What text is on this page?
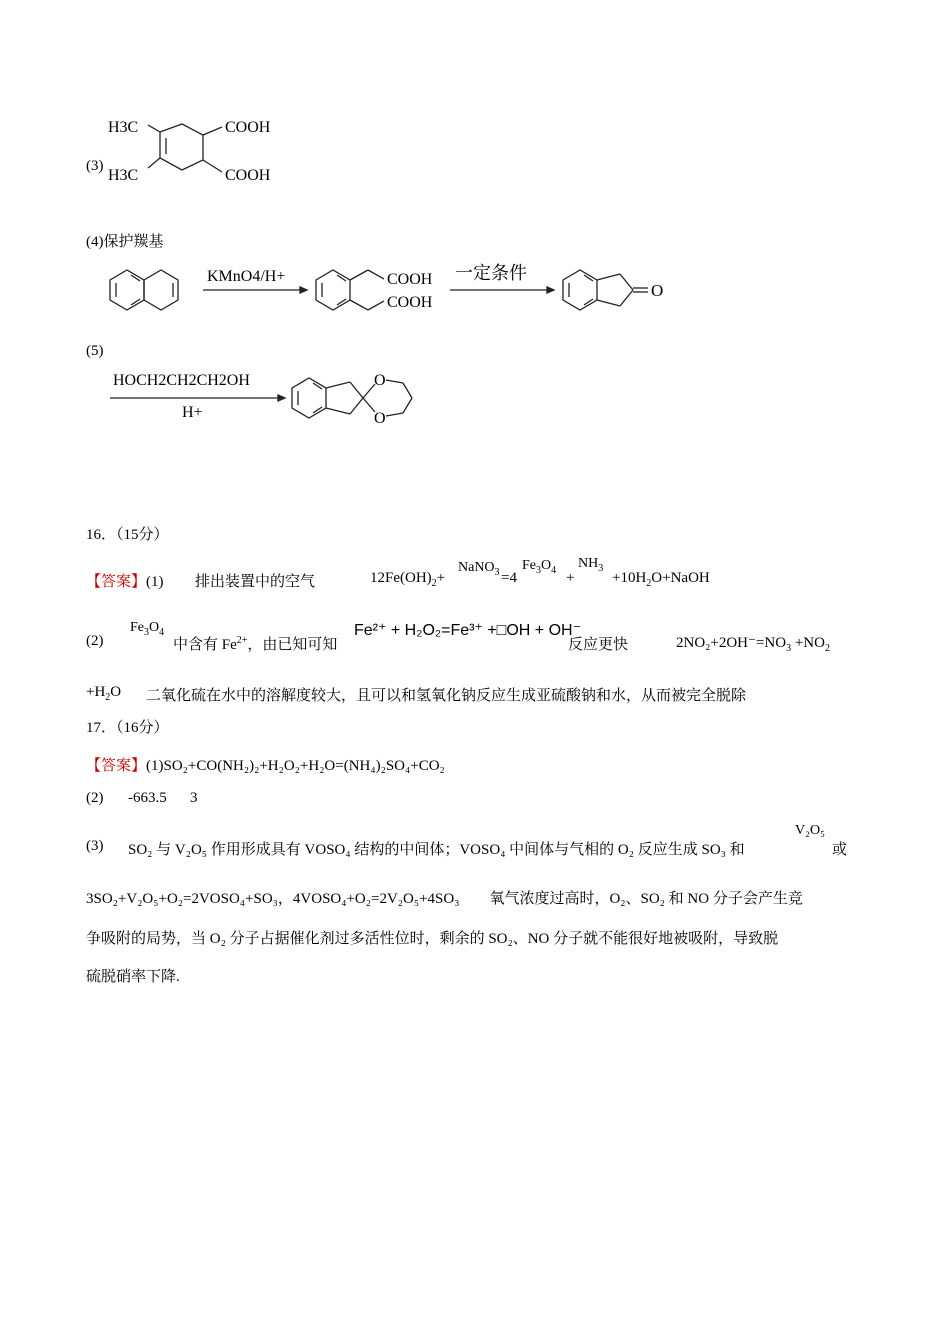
H3C
H3C
COOH
COOH
(3)
(4)保护羰基
KMnO4/H+	COOH
COOH
一定条件
O
(5)
HOCH2CH2CH2OH
H+
O
O
16．（15分）
【答案】(1) 排出装置中的空气	$12Fe(OH)_2+$
NaNO$_3$ =4
$Fe_3O_4$ +
$NH_3$
$+10H_2O+NaOH$
(2)
$Fe_3O_4$
中含有 $Fe^{2+}$，由已知可知
Fe²⁺ + H₂O₂=Fe³⁺ +□OH + OH⁻
反应更快	$2NO_2+2OH^-=NO_3 +NO_2$
$+H_2O$ 二氧化硫在水中的溶解度较大，且可以和氢氧化钠反应生成亚硫酸钠和水，从而被完全脱除
17．（16分）
【答案】(1)SO₂+CO(NH₂)₂+H₂O₂+H₂O=(NH₄)₂SO₄+CO₂
(2) -663.5 3
(3) SO₂ 与 V₂O₅ 作用形成具有 VOSO₄ 结构的中间体；VOSO₄ 中间体与气相的 O₂ 反应生成 SO₃ 和
V₂O₅
或
3SO₂+V₂O₅+O₂=2VOSO₄+SO₃，4VOSO₄+O₂=2V₂O₅+4SO₃　　氧气浓度过高时，O₂、SO₂ 和 NO 分子会产生竞
争吸附的局势，当 O₂ 分子占据催化剂过多活性位时，剩余的 SO₂、NO 分子就不能很好地被吸附，导致脱
硫脱硝率下降.
